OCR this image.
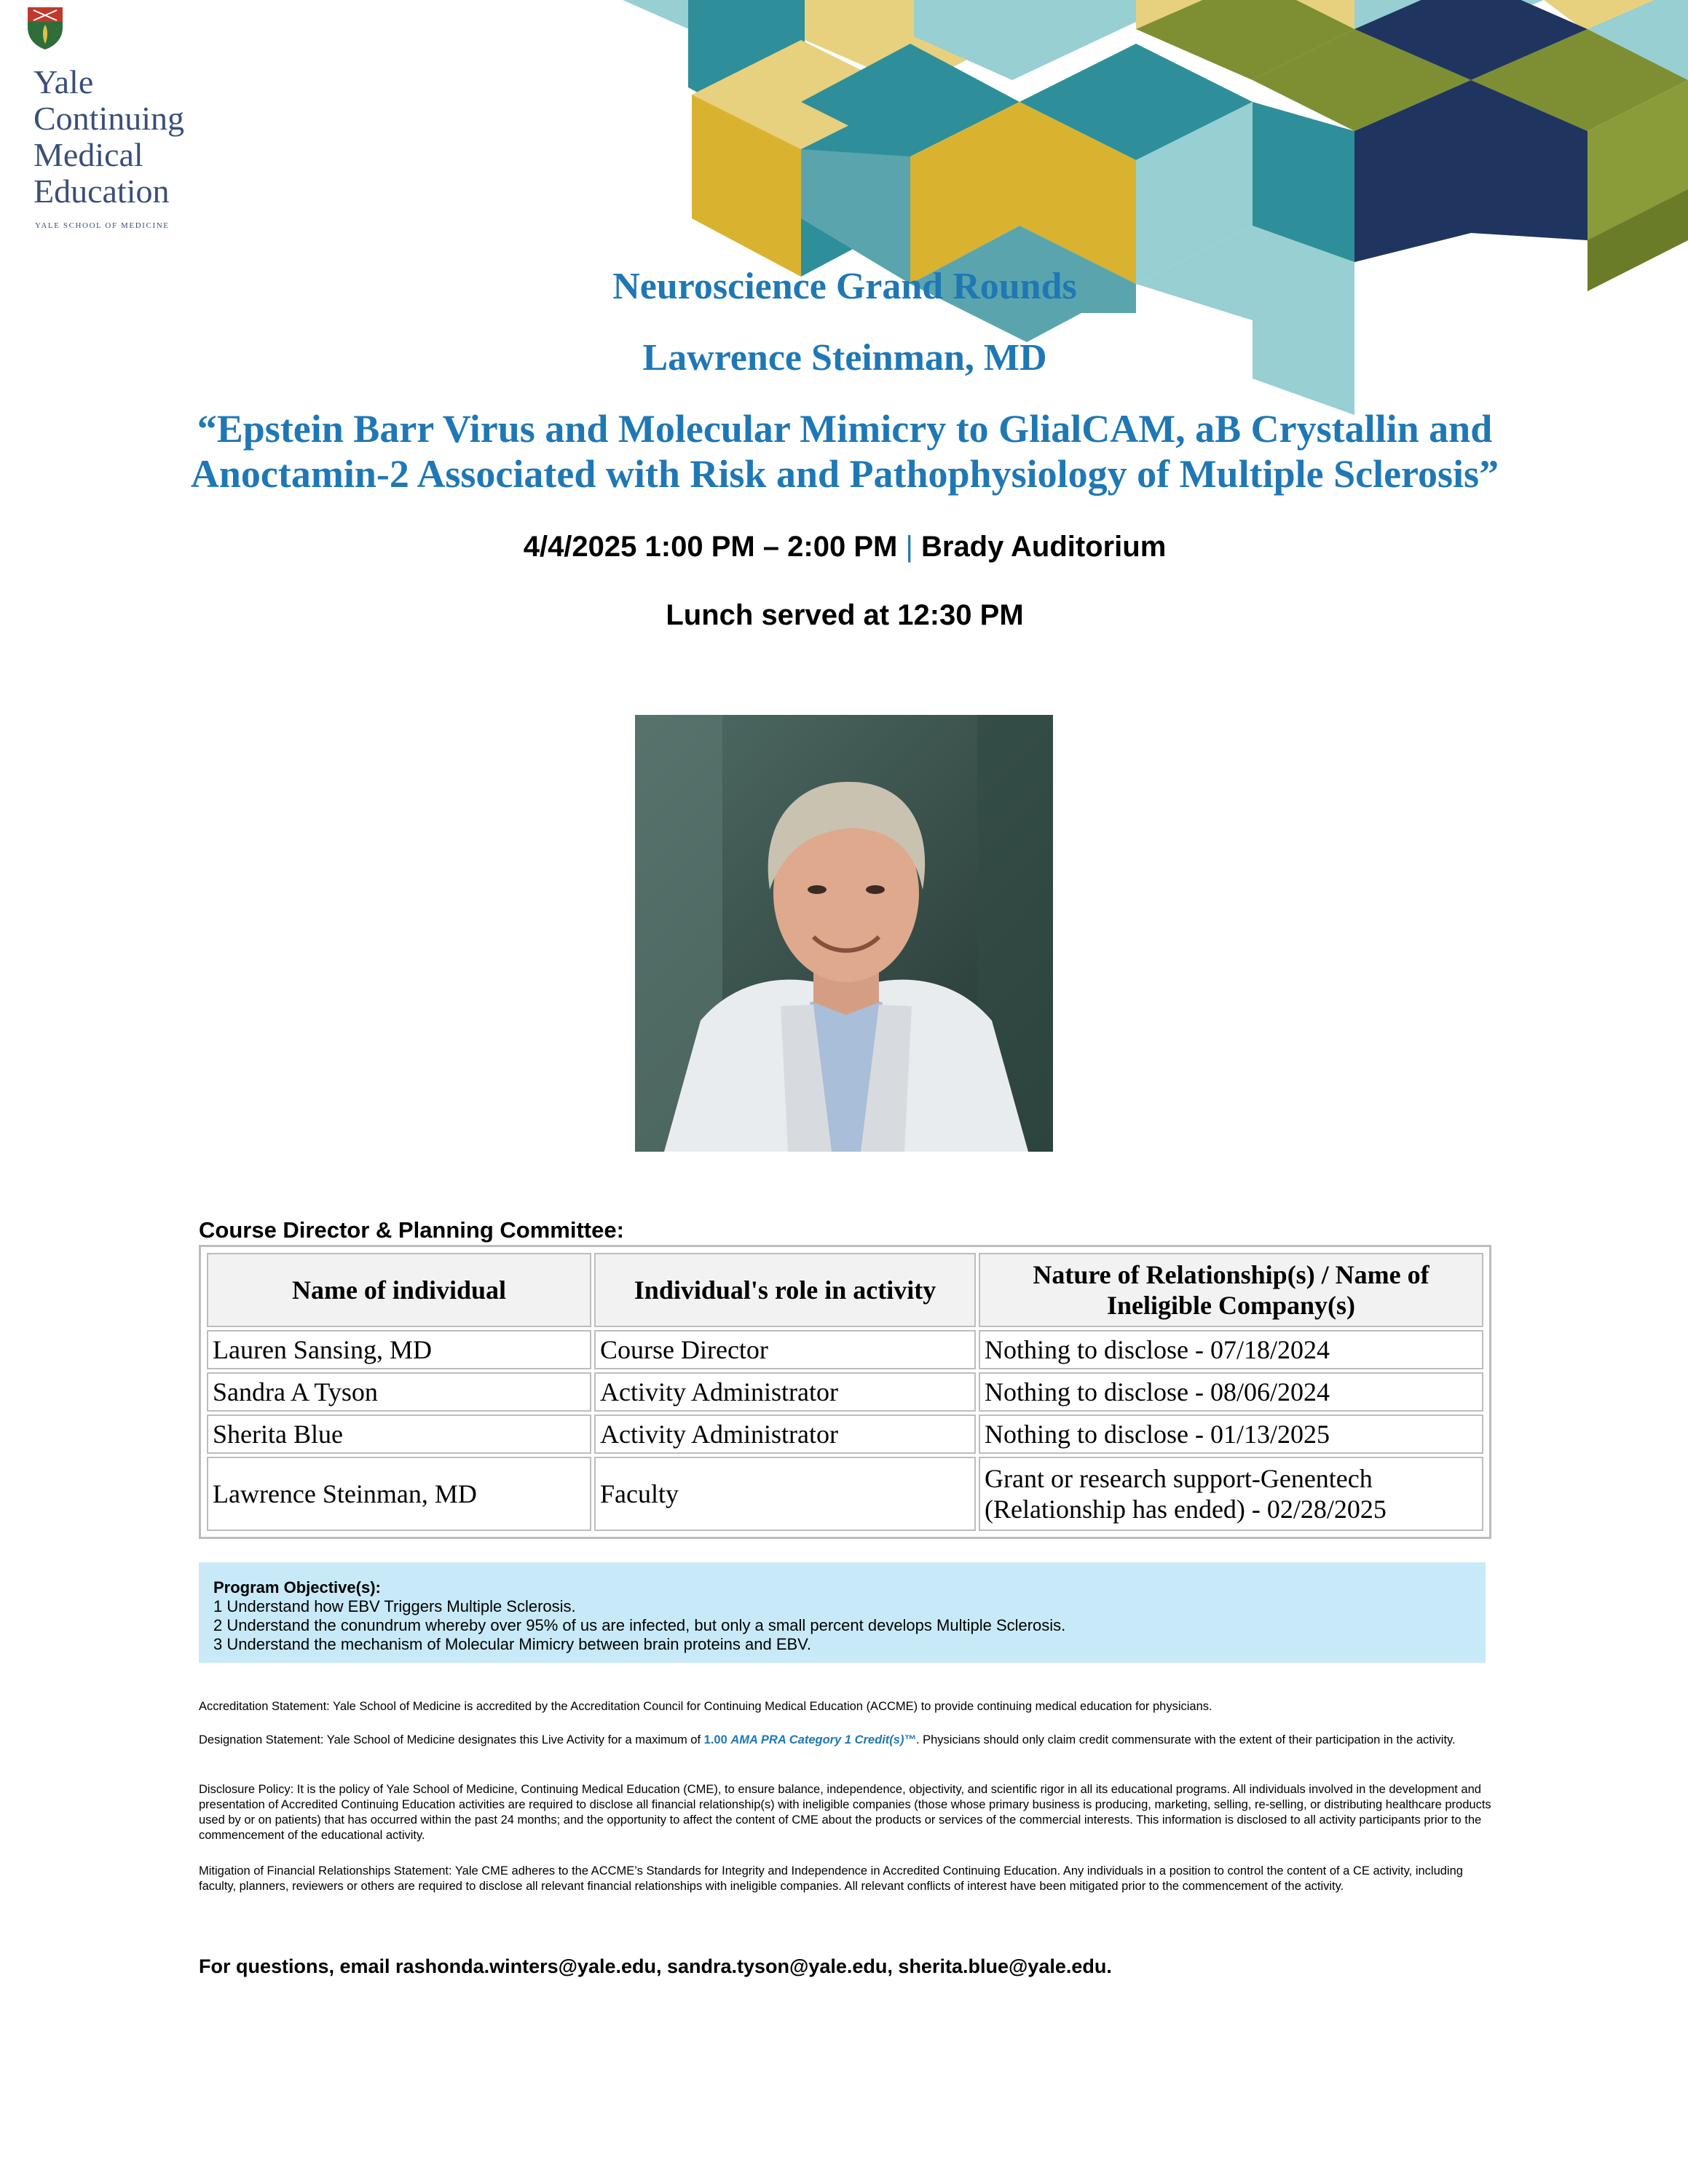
Yale
Continuing
Medical
Education
YALE SCHOOL OF MEDICINE
Neuroscience Grand Rounds
Lawrence Steinman, MD
“Epstein Barr Virus and Molecular Mimicry to GlialCAM, aB Crystallin and Anoctamin-2 Associated with Risk and Pathophysiology of Multiple Sclerosis”
4/4/2025 1:00 PM – 2:00 PM | Brady Auditorium
Lunch served at 12:30 PM
Course Director & Planning Committee:
Name of individual	Individual's role in activity	Nature of Relationship(s) / Name of Ineligible Company(s)
Lauren Sansing, MD	Course Director	Nothing to disclose - 07/18/2024
Sandra A Tyson	Activity Administrator	Nothing to disclose - 08/06/2024
Sherita Blue	Activity Administrator	Nothing to disclose - 01/13/2025
Lawrence Steinman, MD	Faculty	Grant or research support-Genentech (Relationship has ended) - 02/28/2025
Program Objective(s):
1 Understand how EBV Triggers Multiple Sclerosis.
2 Understand the conundrum whereby over 95% of us are infected, but only a small percent develops Multiple Sclerosis.
3 Understand the mechanism of Molecular Mimicry between brain proteins and EBV.
Accreditation Statement: Yale School of Medicine is accredited by the Accreditation Council for Continuing Medical Education (ACCME) to provide continuing medical education for physicians.
Designation Statement: Yale School of Medicine designates this Live Activity for a maximum of 1.00 AMA PRA Category 1 Credit(s)™. Physicians should only claim credit commensurate with the extent of their participation in the activity.
Disclosure Policy: It is the policy of Yale School of Medicine, Continuing Medical Education (CME), to ensure balance, independence, objectivity, and scientific rigor in all its educational programs. All individuals involved in the development and presentation of Accredited Continuing Education activities are required to disclose all financial relationship(s) with ineligible companies (those whose primary business is producing, marketing, selling, re-selling, or distributing healthcare products used by or on patients) that has occurred within the past 24 months; and the opportunity to affect the content of CME about the products or services of the commercial interests. This information is disclosed to all activity participants prior to the commencement of the educational activity.
Mitigation of Financial Relationships Statement: Yale CME adheres to the ACCME’s Standards for Integrity and Independence in Accredited Continuing Education. Any individuals in a position to control the content of a CE activity, including faculty, planners, reviewers or others are required to disclose all relevant financial relationships with ineligible companies. All relevant conflicts of interest have been mitigated prior to the commencement of the activity.
For questions, email rashonda.winters@yale.edu, sandra.tyson@yale.edu, sherita.blue@yale.edu.
